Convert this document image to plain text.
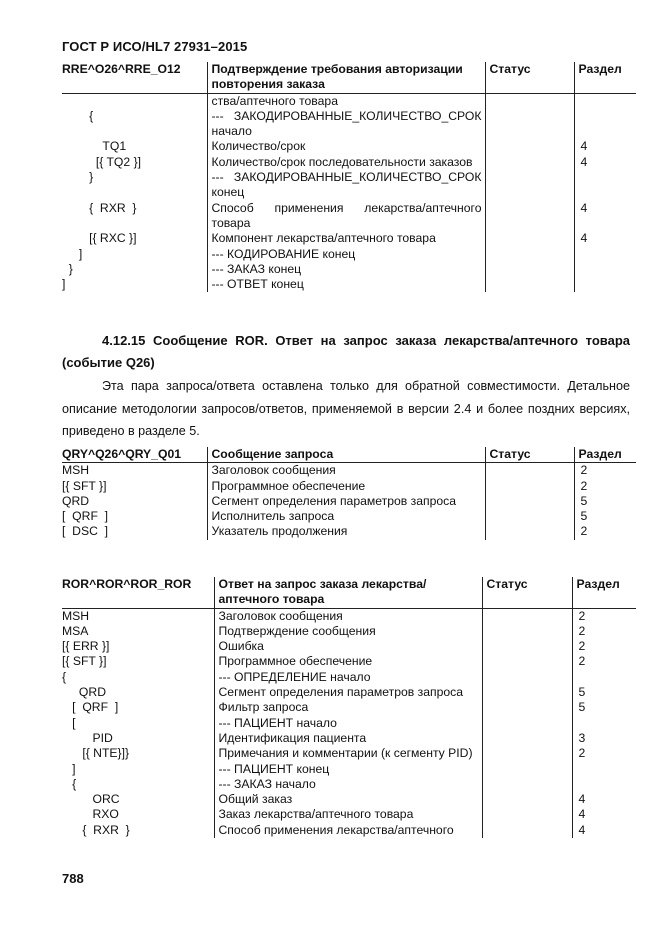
ГОСТ Р ИСО/HL7 27931–2015
RRE^O26^RRE_O12	Подтверждение требования авторизации повторения заказа	Статус	Раздел
	ства/аптечного товара		
{	--- ЗАКОДИРОВАННЫЕ_КОЛИЧЕСТВО_СРОК начало		
TQ1	Количество/срок		4
[{ TQ2 }]	Количество/срок последовательности заказов		4
}	--- ЗАКОДИРОВАННЫЕ_КОЛИЧЕСТВО_СРОК конец		
{  RXR  }	Способ применения лекарства/аптечного товара		4
[{ RXC }]	Компонент лекарства/аптечного товара		4
]	--- КОДИРОВАНИЕ конец		
}	--- ЗАКАЗ конец		
]	--- ОТВЕТ конец		

4.12.15 Сообщение ROR. Ответ на запрос заказа лекарства/аптечного товара (событие Q26)

Эта пара запроса/ответа оставлена только для обратной совместимости. Детальное описание методологии запросов/ответов, применяемой в версии 2.4 и более поздних версиях, приведено в разделе 5.

QRY^Q26^QRY_Q01	Сообщение запроса	Статус	Раздел
MSH	Заголовок сообщения		2
[{ SFT }]	Программное обеспечение		2
QRD	Сегмент определения параметров запроса		5
[  QRF  ]	Исполнитель запроса		5
[  DSC  ]	Указатель продолжения		2
ROR^ROR^ROR_ROR	Ответ на запрос заказа лекарства/аптечного товара	Статус	Раздел
MSH	Заголовок сообщения		2
MSA	Подтверждение сообщения		2
[{ ERR }]	Ошибка		2
[{ SFT }]	Программное обеспечение		2
{	--- ОПРЕДЕЛЕНИЕ начало		
QRD	Сегмент определения параметров запроса		5
[  QRF  ]	Фильтр запроса		5
[	--- ПАЦИЕНТ начало		
PID	Идентификация пациента		3
[{ NTE}]}	Примечания и комментарии (к сегменту PID)		2
]	--- ПАЦИЕНТ конец		
{	--- ЗАКАЗ начало		
ORC	Общий заказ		4
RXO	Заказ лекарства/аптечного товара		4
{  RXR  }	Способ применения лекарства/аптечного		4
788
